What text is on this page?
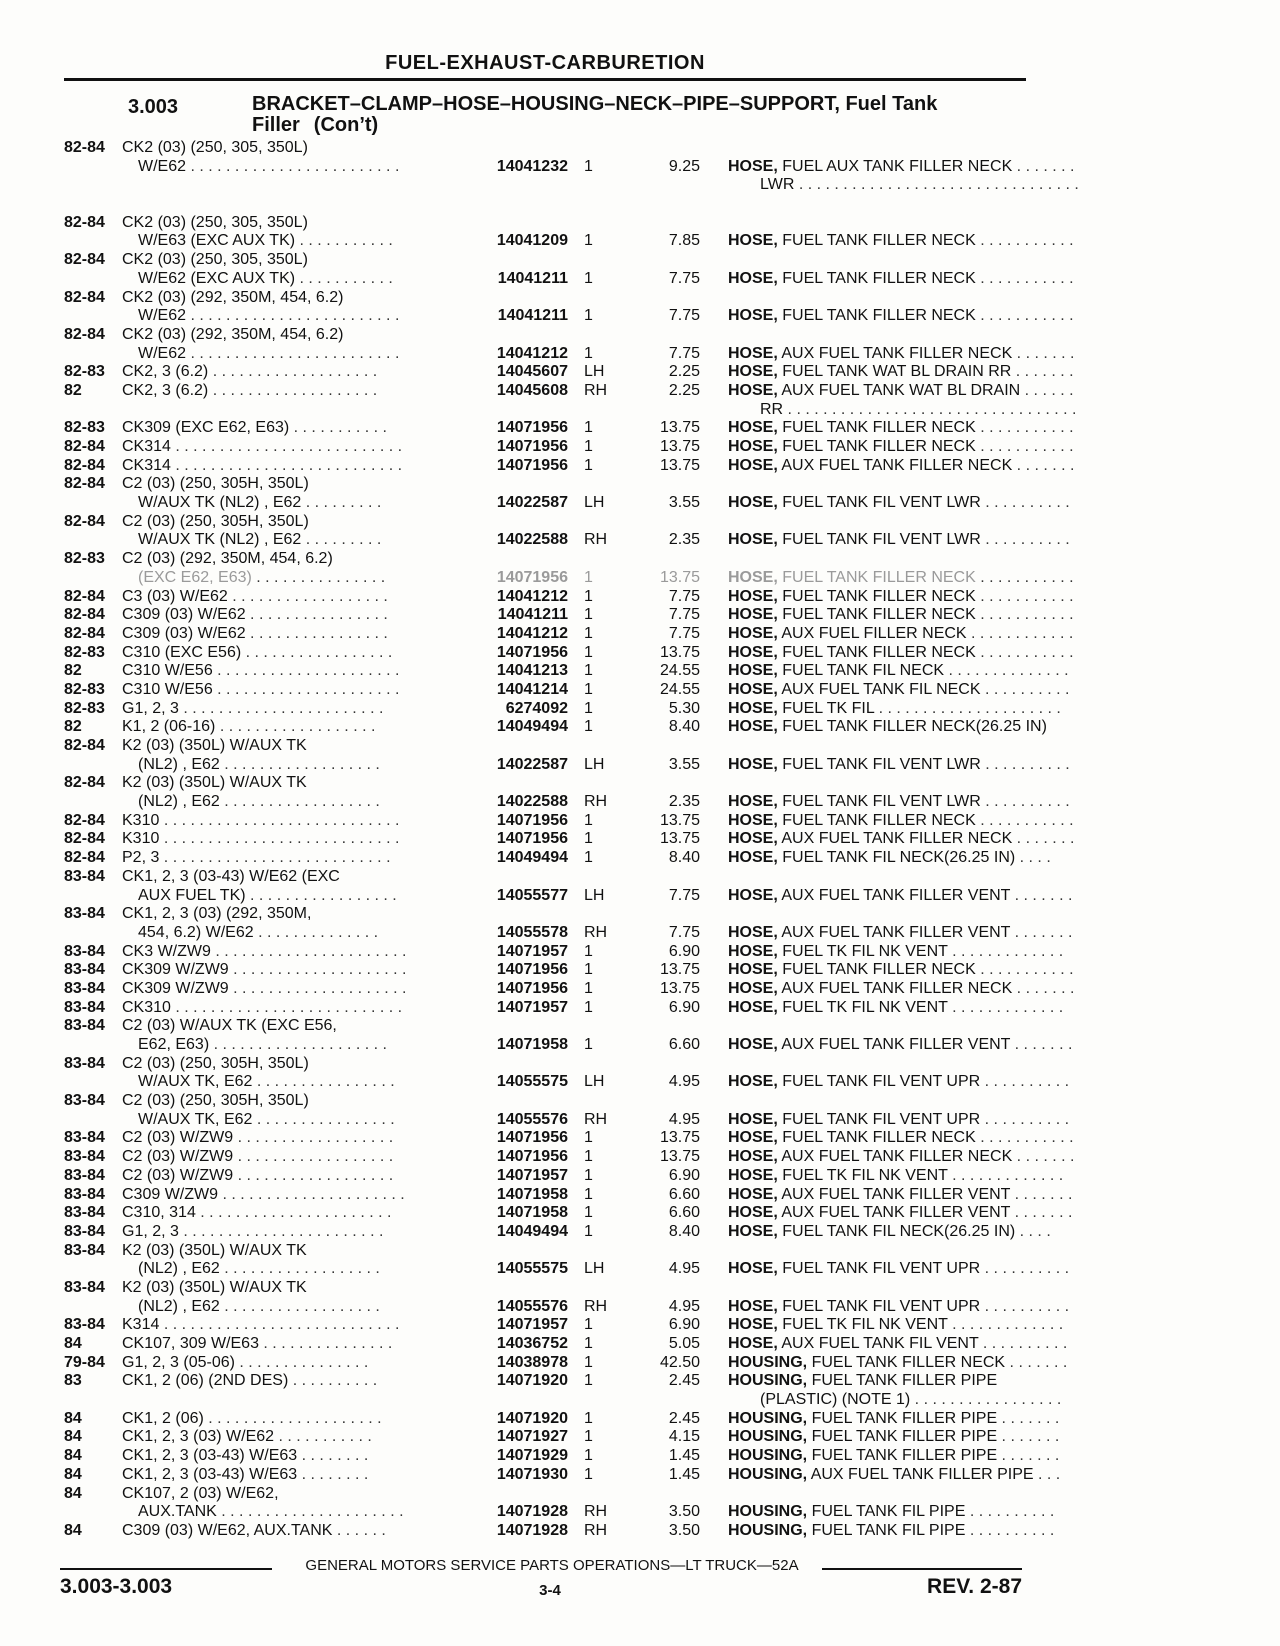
FUEL-EXHAUST-CARBURETION
3.003	BRACKET–CLAMP–HOSE–HOUSING–NECK–PIPE–SUPPORT, Fuel Tank
Filler (Con’t)
82-84 CK2 (03) (250, 305, 350L)
W/E62 . . . . . . . . . . . . . . . . . . . . . . . .	14041232 1	9.25 HOSE, FUEL AUX TANK FILLER NECK . . . . . . .
LWR . . . . . . . . . . . . . . . . . . . . . . . . . . . . . . . .
82-84 CK2 (03) (250, 305, 350L)
W/E63 (EXC AUX TK) . . . . . . . . . . .	14041209 1	7.85 HOSE, FUEL TANK FILLER NECK . . . . . . . . . . .
82-84 CK2 (03) (250, 305, 350L)
W/E62 (EXC AUX TK) . . . . . . . . . . .	14041211 1	7.75 HOSE, FUEL TANK FILLER NECK . . . . . . . . . . .
82-84 CK2 (03) (292, 350M, 454, 6.2)
W/E62 . . . . . . . . . . . . . . . . . . . . . . . .	14041211 1	7.75 HOSE, FUEL TANK FILLER NECK . . . . . . . . . . .
82-84 CK2 (03) (292, 350M, 454, 6.2)
W/E62 . . . . . . . . . . . . . . . . . . . . . . . .	14041212 1	7.75 HOSE, AUX FUEL TANK FILLER NECK . . . . . . .
82-83 CK2, 3 (6.2) . . . . . . . . . . . . . . . . . . .	14045607 LH	2.25 HOSE, FUEL TANK WAT BL DRAIN RR . . . . . . .
82	CK2, 3 (6.2) . . . . . . . . . . . . . . . . . . .	14045608 RH	2.25 HOSE, AUX FUEL TANK WAT BL DRAIN . . . . . .
RR . . . . . . . . . . . . . . . . . . . . . . . . . . . . . . . . .
82-83 CK309 (EXC E62, E63) . . . . . . . . . . .	14071956 1	13.75 HOSE, FUEL TANK FILLER NECK . . . . . . . . . . .
82-84 CK314 . . . . . . . . . . . . . . . . . . . . . . . . . .	14071956 1	13.75 HOSE, FUEL TANK FILLER NECK . . . . . . . . . . .
82-84 CK314 . . . . . . . . . . . . . . . . . . . . . . . . . .	14071956 1	13.75 HOSE, AUX FUEL TANK FILLER NECK . . . . . . .
82-84 C2 (03) (250, 305H, 350L)
W/AUX TK (NL2) , E62 . . . . . . . . .	14022587 LH	3.55 HOSE, FUEL TANK FIL VENT LWR . . . . . . . . . .
82-84 C2 (03) (250, 305H, 350L)
W/AUX TK (NL2) , E62 . . . . . . . . .	14022588 RH	2.35 HOSE, FUEL TANK FIL VENT LWR . . . . . . . . . .
82-83 C2 (03) (292, 350M, 454, 6.2)
(EXC E62, E63) . . . . . . . . . . . . . . .	14071956 1	13.75 HOSE, FUEL TANK FILLER NECK . . . . . . . . . . .
82-84 C3 (03) W/E62 . . . . . . . . . . . . . . . . . .	14041212 1	7.75 HOSE, FUEL TANK FILLER NECK . . . . . . . . . . .
82-84 C309 (03) W/E62 . . . . . . . . . . . . . . . .	14041211 1	7.75 HOSE, FUEL TANK FILLER NECK . . . . . . . . . . .
82-84 C309 (03) W/E62 . . . . . . . . . . . . . . . .	14041212 1	7.75 HOSE, AUX FUEL FILLER NECK . . . . . . . . . . . .
82-83 C310 (EXC E56) . . . . . . . . . . . . . . . . .	14071956 1	13.75 HOSE, FUEL TANK FILLER NECK . . . . . . . . . . .
82	C310 W/E56 . . . . . . . . . . . . . . . . . . . . .	14041213 1	24.55 HOSE, FUEL TANK FIL NECK . . . . . . . . . . . . . .
82-83 C310 W/E56 . . . . . . . . . . . . . . . . . . . . .	14041214 1	24.55 HOSE, AUX FUEL TANK FIL NECK . . . . . . . . . .
82-83 G1, 2, 3 . . . . . . . . . . . . . . . . . . . . . . .	6274092 1	5.30 HOSE, FUEL TK FIL . . . . . . . . . . . . . . . . . . . . .
82	K1, 2 (06-16) . . . . . . . . . . . . . . . . . .	14049494 1	8.40 HOSE, FUEL TANK FILLER NECK(26.25 IN)
82-84 K2 (03) (350L) W/AUX TK
(NL2) , E62 . . . . . . . . . . . . . . . . . .	14022587 LH	3.55 HOSE, FUEL TANK FIL VENT LWR . . . . . . . . . .
82-84 K2 (03) (350L) W/AUX TK
(NL2) , E62 . . . . . . . . . . . . . . . . . .	14022588 RH	2.35 HOSE, FUEL TANK FIL VENT LWR . . . . . . . . . .
82-84 K310 . . . . . . . . . . . . . . . . . . . . . . . . . . .	14071956 1	13.75 HOSE, FUEL TANK FILLER NECK . . . . . . . . . . .
82-84 K310 . . . . . . . . . . . . . . . . . . . . . . . . . . .	14071956 1	13.75 HOSE, AUX FUEL TANK FILLER NECK . . . . . . .
82-84 P2, 3 . . . . . . . . . . . . . . . . . . . . . . . . . .	14049494 1	8.40 HOSE, FUEL TANK FIL NECK(26.25 IN) . . . .
83-84 CK1, 2, 3 (03-43) W/E62 (EXC
AUX FUEL TK) . . . . . . . . . . . . . . . . .	14055577 LH	7.75 HOSE, AUX FUEL TANK FILLER VENT . . . . . . .
83-84 CK1, 2, 3 (03) (292, 350M,
454, 6.2) W/E62 . . . . . . . . . . . . . .	14055578 RH	7.75 HOSE, AUX FUEL TANK FILLER VENT . . . . . . .
83-84 CK3 W/ZW9 . . . . . . . . . . . . . . . . . . . . . .	14071957 1	6.90 HOSE, FUEL TK FIL NK VENT . . . . . . . . . . . . .
83-84 CK309 W/ZW9 . . . . . . . . . . . . . . . . . . . .	14071956 1	13.75 HOSE, FUEL TANK FILLER NECK . . . . . . . . . . .
83-84 CK309 W/ZW9 . . . . . . . . . . . . . . . . . . . .	14071956 1	13.75 HOSE, AUX FUEL TANK FILLER NECK . . . . . . .
83-84 CK310 . . . . . . . . . . . . . . . . . . . . . . . . . .	14071957 1	6.90 HOSE, FUEL TK FIL NK VENT . . . . . . . . . . . . .
83-84 C2 (03) W/AUX TK (EXC E56,
E62, E63) . . . . . . . . . . . . . . . . . . . .	14071958 1	6.60 HOSE, AUX FUEL TANK FILLER VENT . . . . . . .
83-84 C2 (03) (250, 305H, 350L)
W/AUX TK, E62 . . . . . . . . . . . . . . . .	14055575 LH	4.95 HOSE, FUEL TANK FIL VENT UPR . . . . . . . . . .
83-84 C2 (03) (250, 305H, 350L)
W/AUX TK, E62 . . . . . . . . . . . . . . . .	14055576 RH	4.95 HOSE, FUEL TANK FIL VENT UPR . . . . . . . . . .
83-84 C2 (03) W/ZW9 . . . . . . . . . . . . . . . . . .	14071956 1	13.75 HOSE, FUEL TANK FILLER NECK . . . . . . . . . . .
83-84 C2 (03) W/ZW9 . . . . . . . . . . . . . . . . . .	14071956 1	13.75 HOSE, AUX FUEL TANK FILLER NECK . . . . . . .
83-84 C2 (03) W/ZW9 . . . . . . . . . . . . . . . . . .	14071957 1	6.90 HOSE, FUEL TK FIL NK VENT . . . . . . . . . . . . .
83-84 C309 W/ZW9 . . . . . . . . . . . . . . . . . . . . .	14071958 1	6.60 HOSE, AUX FUEL TANK FILLER VENT . . . . . . .
83-84 C310, 314 . . . . . . . . . . . . . . . . . . . . . .	14071958 1	6.60 HOSE, AUX FUEL TANK FILLER VENT . . . . . . .
83-84 G1, 2, 3 . . . . . . . . . . . . . . . . . . . . . . .	14049494 1	8.40 HOSE, FUEL TANK FIL NECK(26.25 IN) . . . .
83-84 K2 (03) (350L) W/AUX TK
(NL2) , E62 . . . . . . . . . . . . . . . . . .	14055575 LH	4.95 HOSE, FUEL TANK FIL VENT UPR . . . . . . . . . .
83-84 K2 (03) (350L) W/AUX TK
(NL2) , E62 . . . . . . . . . . . . . . . . . .	14055576 RH	4.95 HOSE, FUEL TANK FIL VENT UPR . . . . . . . . . .
83-84 K314 . . . . . . . . . . . . . . . . . . . . . . . . . . .	14071957 1	6.90 HOSE, FUEL TK FIL NK VENT . . . . . . . . . . . . .
84	CK107, 309 W/E63 . . . . . . . . . . . . . . .	14036752 1	5.05 HOSE, AUX FUEL TANK FIL VENT . . . . . . . . . .
79-84 G1, 2, 3 (05-06) . . . . . . . . . . . . . . .	14038978 1	42.50 HOUSING, FUEL TANK FILLER NECK . . . . . . .
83	CK1, 2 (06) (2ND DES) . . . . . . . . . .	14071920 1	2.45 HOUSING, FUEL TANK FILLER PIPE
(PLASTIC) (NOTE 1) . . . . . . . . . . . . . . . . .
84	CK1, 2 (06) . . . . . . . . . . . . . . . . . . . .	14071920 1	2.45 HOUSING, FUEL TANK FILLER PIPE . . . . . . .
84	CK1, 2, 3 (03) W/E62 . . . . . . . . . . .	14071927 1	4.15 HOUSING, FUEL TANK FILLER PIPE . . . . . . .
84	CK1, 2, 3 (03-43) W/E63 . . . . . . . .	14071929 1	1.45 HOUSING, FUEL TANK FILLER PIPE . . . . . . .
84	CK1, 2, 3 (03-43) W/E63 . . . . . . . .	14071930 1	1.45 HOUSING, AUX FUEL TANK FILLER PIPE . . .
84	CK107, 2 (03) W/E62,
AUX.TANK . . . . . . . . . . . . . . . . . . . . .	14071928 RH	3.50 HOUSING, FUEL TANK FIL PIPE . . . . . . . . . .
84	C309 (03) W/E62, AUX.TANK . . . . . .	14071928 RH	3.50 HOUSING, FUEL TANK FIL PIPE . . . . . . . . . .
GENERAL MOTORS SERVICE PARTS OPERATIONS—LT TRUCK—52A
3.003-3.003	3-4	REV. 2-87
